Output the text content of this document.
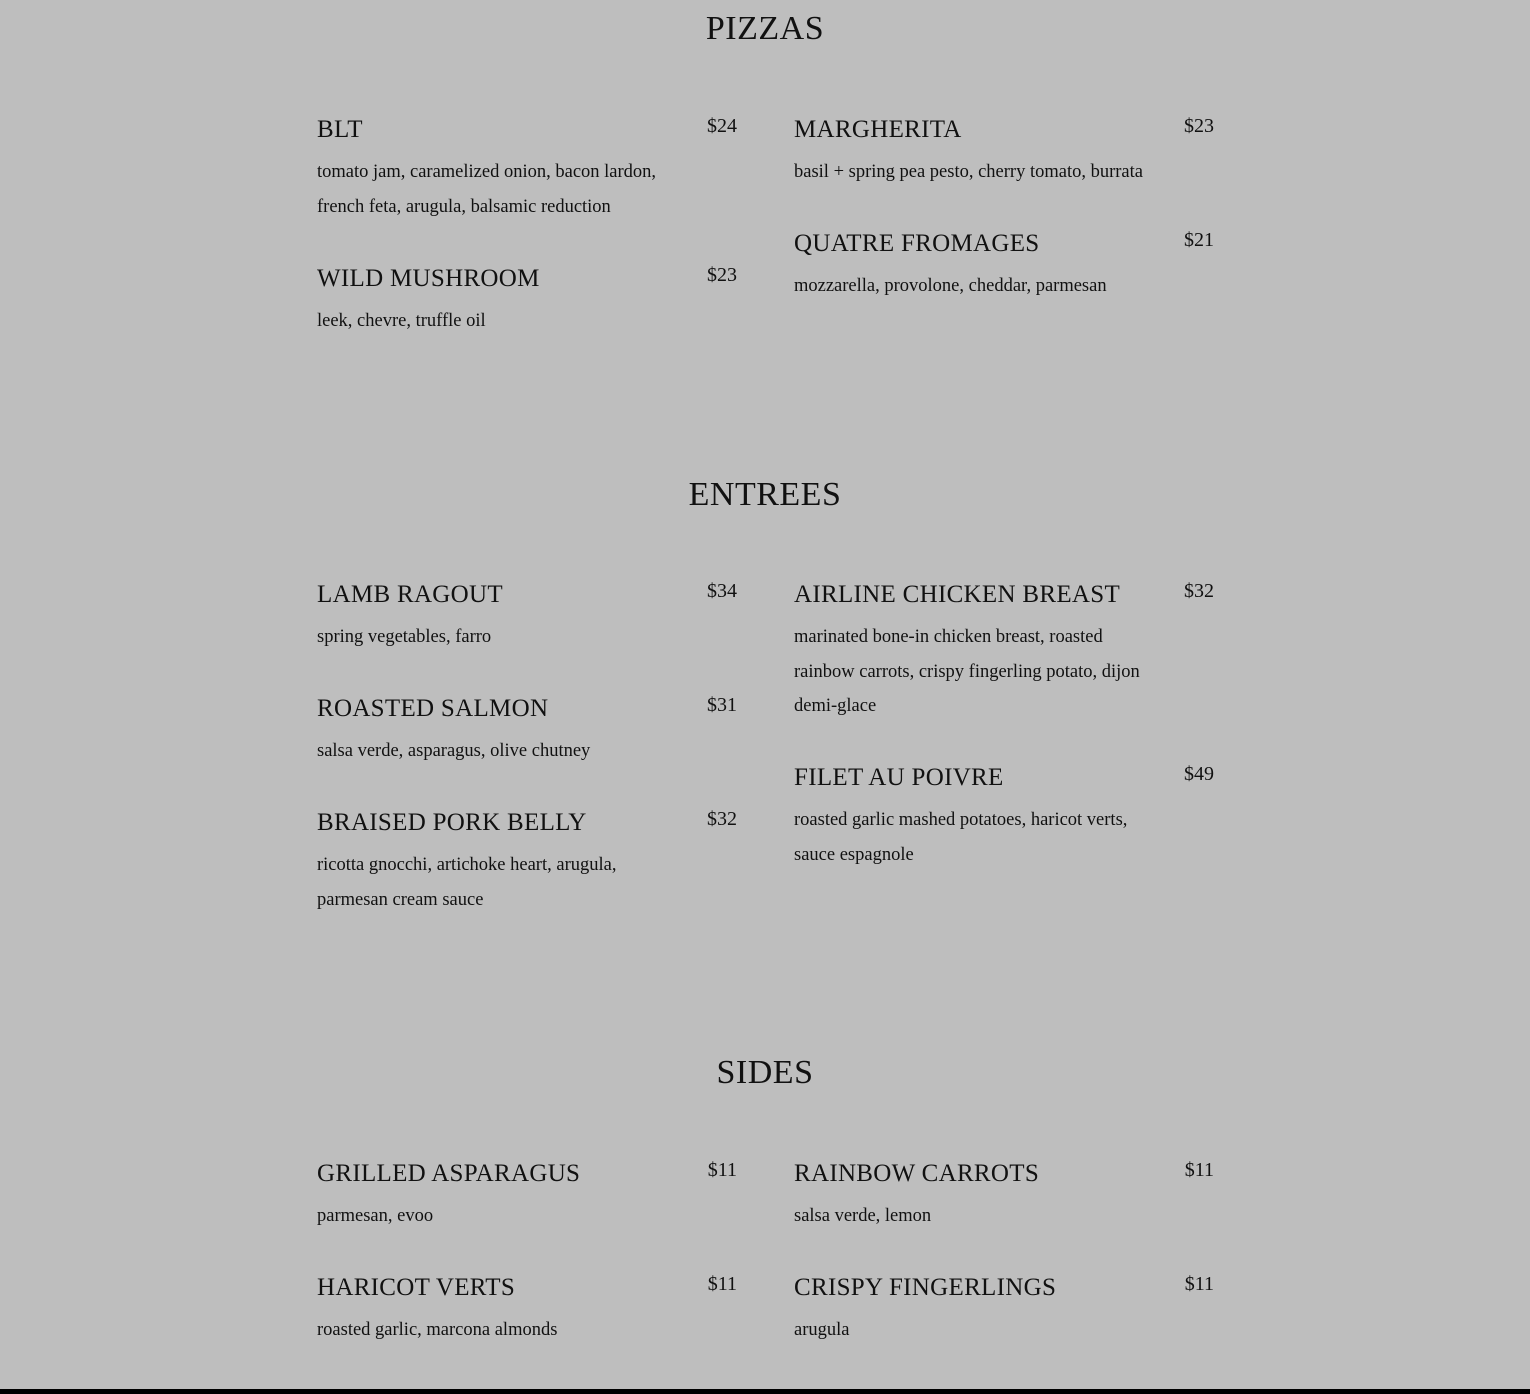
PIZZAS
BLT	$24
tomato jam, caramelized onion, bacon lardon, french feta, arugula, balsamic reduction
MARGHERITA	$23
basil + spring pea pesto, cherry tomato, burrata
WILD MUSHROOM	$23
leek, chevre, truffle oil
QUATRE FROMAGES	$21
mozzarella, provolone, cheddar, parmesan
ENTREES
LAMB RAGOUT	$34
spring vegetables, farro
AIRLINE CHICKEN BREAST	$32
marinated bone-in chicken breast, roasted rainbow carrots, crispy fingerling potato, dijon demi-glace
ROASTED SALMON	$31
salsa verde, asparagus, olive chutney
FILET AU POIVRE	$49
roasted garlic mashed potatoes, haricot verts, sauce espagnole
BRAISED PORK BELLY	$32
ricotta gnocchi, artichoke heart, arugula, parmesan cream sauce
SIDES
GRILLED ASPARAGUS	$11
parmesan, evoo
RAINBOW CARROTS	$11
salsa verde, lemon
HARICOT VERTS	$11
roasted garlic, marcona almonds
CRISPY FINGERLINGS	$11
arugula
